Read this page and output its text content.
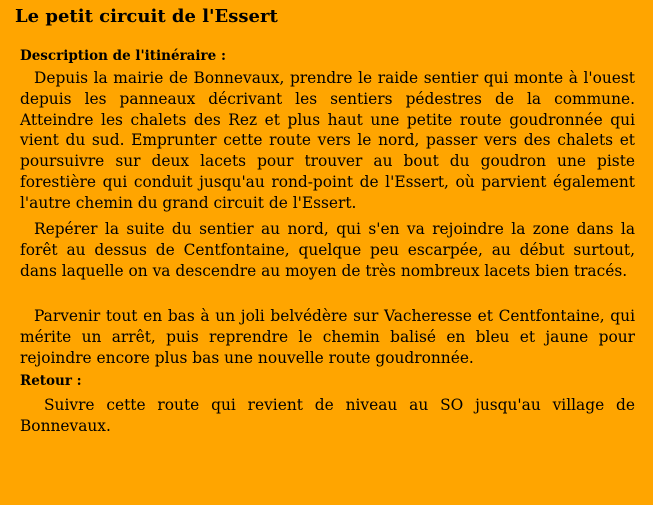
Le petit circuit de l'Essert

Description de l'itinéraire :

Depuis la mairie de Bonnevaux, prendre le raide sentier qui monte à l'ouest depuis les panneaux décrivant les sentiers pédestres de la commune. Atteindre les chalets des Rez et plus haut une petite route goudronnée qui vient du sud. Emprunter cette route vers le nord, passer vers des chalets et poursuivre sur deux lacets pour trouver au bout du goudron une piste forestière qui conduit jusqu'au rond-point de l'Essert, où parvient également l'autre chemin du grand circuit de l'Essert.

Repérer la suite du sentier au nord, qui s'en va rejoindre la zone dans la forêt au dessus de Centfontaine, quelque peu escarpée, au début surtout, dans laquelle on va descendre au moyen de très nombreux lacets bien tracés.

Parvenir tout en bas à un joli belvédère sur Vacheresse et Centfontaine, qui mérite un arrêt, puis reprendre le chemin balisé en bleu et jaune pour rejoindre encore plus bas une nouvelle route goudronnée.

Retour :

Suivre cette route qui revient de niveau au SO jusqu'au village de Bonnevaux.
